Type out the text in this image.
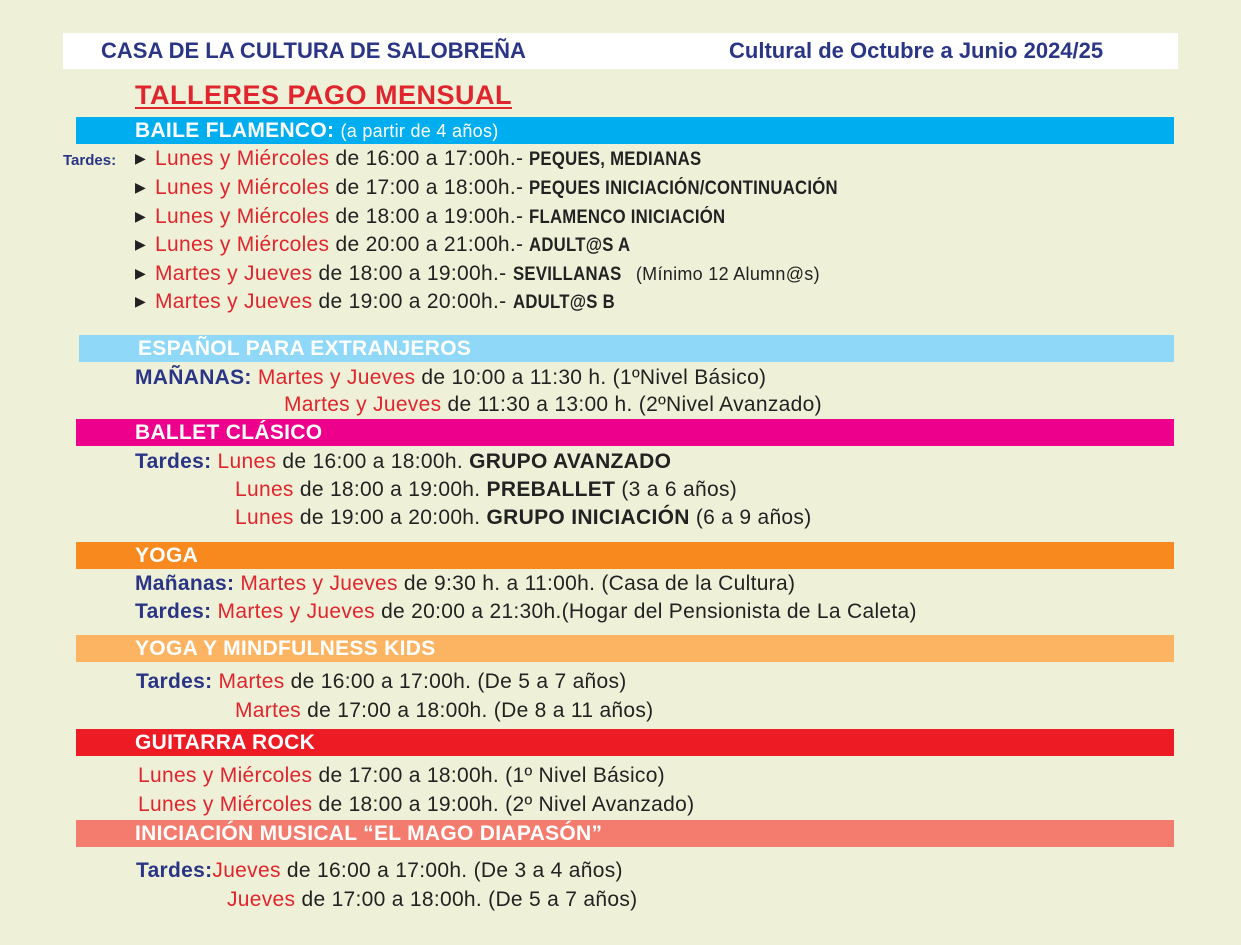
CASA DE LA CULTURA DE SALOBREÑA	Cultural de Octubre a Junio 2024/25
TALLERES PAGO MENSUAL
BAILE FLAMENCO: (a partir de 4 años)
Tardes: ▶ Lunes y Miércoles de 16:00 a 17:00h.- PEQUES, MEDIANAS
▶ Lunes y Miércoles de 17:00 a 18:00h.- PEQUES INICIACIÓN/CONTINUACIÓN
▶ Lunes y Miércoles de 18:00 a 19:00h.- FLAMENCO INICIACIÓN
▶ Lunes y Miércoles de 20:00 a 21:00h.- ADULT@S A
▶ Martes y Jueves de 18:00 a 19:00h.- SEVILLANAS(Mínimo 12 Alumn@s)
▶ Martes y Jueves de 19:00 a 20:00h.- ADULT@S B
ESPAÑOL PARA EXTRANJEROS
MAÑANAS: Martes y Jueves de 10:00 a 11:30 h. (1ºNivel Básico)
Martes y Jueves de 11:30 a 13:00 h. (2ºNivel Avanzado)
BALLET CLÁSICO
Tardes: Lunes de 16:00 a 18:00h. GRUPO AVANZADO
Lunes de 18:00 a 19:00h. PREBALLET (3 a 6 años)
Lunes de 19:00 a 20:00h. GRUPO INICIACIÓN (6 a 9 años)
YOGA
Mañanas: Martes y Jueves de 9:30 h. a 11:00h. (Casa de la Cultura)
Tardes: Martes y Jueves de 20:00 a 21:30h.(Hogar del Pensionista de La Caleta)
YOGA Y MINDFULNESS KIDS
Tardes: Martes de 16:00 a 17:00h. (De 5 a 7 años)
Martes de 17:00 a 18:00h. (De 8 a 11 años)
GUITARRA ROCK
Lunes y Miércoles de 17:00 a 18:00h. (1º Nivel Básico)
Lunes y Miércoles de 18:00 a 19:00h. (2º Nivel Avanzado)
INICIACIÓN MUSICAL “EL MAGO DIAPASÓN”
Tardes:Jueves de 16:00 a 17:00h. (De 3 a 4 años)
Jueves de 17:00 a 18:00h. (De 5 a 7 años)
